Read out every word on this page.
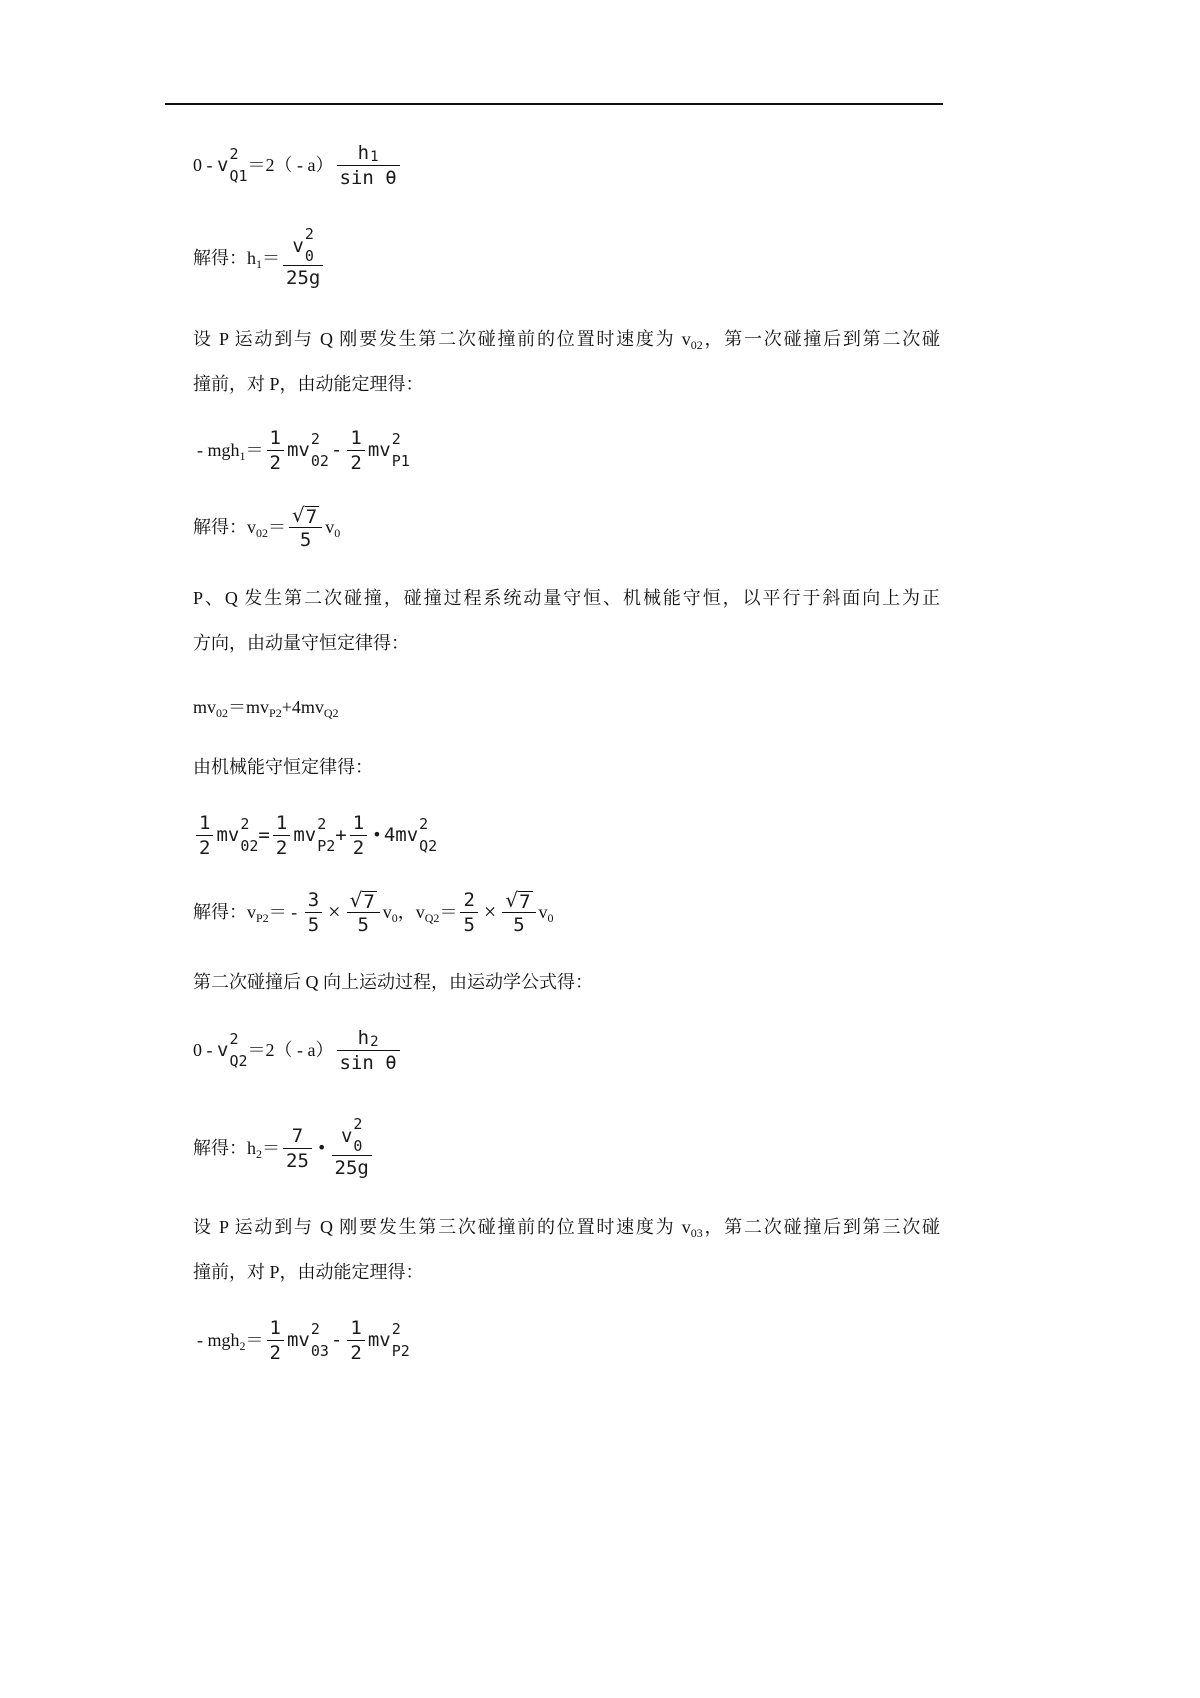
0 - v
2
Q1
$=2( - a) \frac{h 1}{\text{sin θ}}$
解得：$h_1= v$
2
0
25g
设 P 运动到与 Q 刚要发生第二次碰撞前的位置时速度为 $v_{02}$，第一次碰撞后到第二次碰
撞前，对 P，由动能定理得：
- $mgh_1= \frac{1}{2}$ mv
2
$02 - \frac{1}{2}$ mv
2
P1
解得：$v_{02}= \frac{√ 7}{5} v_0$
P、Q 发生第二次碰撞，碰撞过程系统动量守恒、机械能守恒，以平行于斜面向上为正
方向，由动量守恒定律得：
$mv_{02}=mv_{P2}+4mv_{Q2}$
由机械能守恒定律得：
$\frac{1}{2}$ mv
2
$02 = \frac{1}{2}$ mv
2
$P2 + \frac{1}{2}$ • 4mv
2
Q2
解得：$v_{P2}= - \frac{3}{5} \times \frac{√ 7}{5} v_0$，$v_{Q2}= \frac{2}{5} \times \frac{√ 7}{5} v_0$
第二次碰撞后 Q 向上运动过程，由运动学公式得：
0 - v
2
Q2
$=2( - a) \frac{h 2}{\text{sin θ}}$
解得：$h_2= \frac{7}{25}$ • v
2
0
25g
设 P 运动到与 Q 刚要发生第三次碰撞前的位置时速度为 $v_{03}$，第二次碰撞后到第三次碰
撞前，对 P，由动能定理得：
- $mgh_2= \frac{1}{2}$ mv
2
$03 - \frac{1}{2}$ mv
2
P2
